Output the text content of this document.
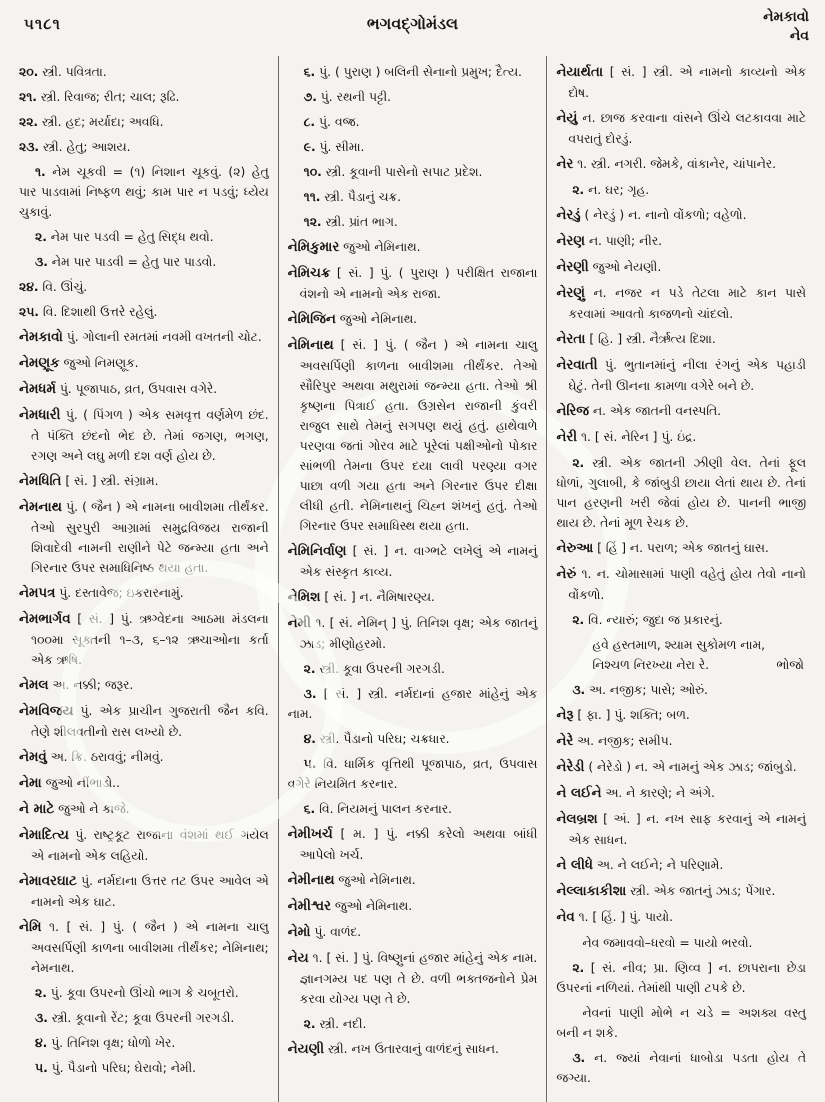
૫૧૮૧	ભગવદ્ગોમંડલ	નેમકાવો
નેવ
૨૦. સ્ત્રી. પવિત્રતા.
૨૧. સ્ત્રી. રિવાજ; રીત; ચાલ; રૂઢિ.
૨૨. સ્ત્રી. હદ; મર્યાદા; અવધિ.
૨૩. સ્ત્રી. હેતુ; આશય.
૧. નેમ ચૂકવી = (૧) નિશાન ચૂકવું. (૨) હેતુ પાર પાડવામાં નિષ્ફળ થવું; કામ પાર ન પડવું; ધ્યેય ચુકાવું.
૨. નેમ પાર પડવી = હેતુ સિદ્ધ થવો.
૩. નેમ પાર પાડવી = હેતુ પાર પાડવો.
૨૪. વિ. ઊંચું.
૨૫. વિ. દિશાથી ઉત્તરે રહેલું.
નેમકાવો પું. ગોલાની રમતમાં નવમી વખતની ચોટ.
નેમણૂક જુઓ નિમણૂક.
નેમધર્મ પું. પૂજાપાઠ, વ્રત, ઉપવાસ વગેરે.
નેમધારી પું. ( પિંગળ ) એક સમવૃત્ત વર્ણમેળ છંદ. તે પંક્તિ છંદનો ભેદ છે. તેમાં જગણ, ભગણ, રગણ અને લઘુ મળી દશ વર્ણ હોય છે.
નેમધિતિ [ સં. ] સ્ત્રી. સંગ્રામ.
નેમનાથ પું. ( જૈન ) એ નામના બાવીશમા તીર્થંકર. તેઓ સુરપુરી આગ્રામાં સમુદ્રવિજય રાજાની શિવાદેવી નામની રાણીને પેટે જન્મ્યા હતા અને ગિરનાર ઉપર સમાધિનિષ્ઠ થયા હતા.
નેમપત્ર પું. દસ્તાવેજ; ઇકરારનામું.
નેમભાર્ગવ [ સં. ] પું. ઋગ્વેદના આઠમા મંડલના ૧૦૦મા સૂક્તની ૧–૩, ૬–૧૨ ઋચાઓના કર્તા એક ઋષિ.
નેમલ અ. નક્કી; જરૂર.
નેમવિજય પું. એક પ્રાચીન ગુજરાતી જૈન કવિ. તેણે શીલવતીનો રાસ લખ્યો છે.
નેમવું અ. ક્રિ. ઠરાવવું; નીમવું.
નેમા જુઓ નીંભાડો..
ને માટે જુઓ ને કાજે.
નેમાદિત્ય પું. રાષ્ટ્રકૂટ રાજાના વંશમાં થઈ ગયેલ એ નામનો એક લહિયો.
નેમાવરઘાટ પું. નર્મદાના ઉત્તર તટ ઉપર આવેલ એ નામનો એક ઘાટ.
નેમિ ૧. [ સં. ] પું. ( જૈન ) એ નામના ચાલુ અવસર્પિણી કાળના બાવીશમા તીર્થંકર; નેમિનાથ; નેમનાથ.
૨. પું. કૂવા ઉપરનો ઊંચો ભાગ કે ચબૂતરો.
૩. સ્ત્રી. કૂવાનો રેંટ; કૂવા ઉપરની ગરગડી.
૪. પું. તિનિશ વૃક્ષ; ધોળો ખેર.
૫. પું. પૈડાનો પરિઘ; ઘેરાવો; નેમી.
૬. પું. ( પુરાણ ) બલિની સેનાનો પ્રમુખ; દૈત્ય.
૭. પું. રથની પટ્ટી.
૮. પું. વજ્ર.
૯. પું. સીમા.
૧૦. સ્ત્રી. કૂવાની પાસેનો સપાટ પ્રદેશ.
૧૧. સ્ત્રી. પૈડાનું ચક્ર.
૧૨. સ્ત્રી. પ્રાંત ભાગ.
નેમિકુમાર જુઓ નેમિનાથ.
નેમિચક્ર [ સં. ] પું. ( પુરાણ ) પરીક્ષિત રાજાના વંશનો એ નામનો એક રાજા.
નેમિજિન જુઓ નેમિનાથ.
નેમિનાથ [ સં. ] પું. ( જૈન ) એ નામના ચાલુ અવસર્પિણી કાળના બાવીશમા તીર્થંકર. તેઓ સૌરિપુર અથવા મથુરામાં જન્મ્યા હતા. તેઓ શ્રી કૃષ્ણના પિત્રાઈ હતા. ઉગ્રસેન રાજાની કુંવરી રાજુલ સાથે તેમનું સગપણ થયું હતું. હાથેવાળે પરણવા જતાં ગોરવ માટે પૂરેલાં પક્ષીઓનો પોકાર સાંભળી તેમના ઉપર દયા લાવી પરણ્યા વગર પાછા વળી ગયા હતા અને ગિરનાર ઉપર દીક્ષા લીધી હતી. નેમિનાથનું ચિહ્ન શંખનું હતું. તેઓ ગિરનાર ઉપર સમાધિસ્થ થયા હતા.
નેમિનિર્વાણ [ સં. ] ન. વાગ્ભટે લખેલું એ નામનું એક સંસ્કૃત કાવ્ય.
નેમિશ [ સં. ] ન. નૈમિષારણ્ય.
નેમી ૧. [ સં. નેમિન્ ] પું. તિનિશ વૃક્ષ; એક જાતનું ઝાડ; મીણોહરમો.
૨. સ્ત્રી. કૂવા ઉપરની ગરગડી.
૩. [ સં. ] સ્ત્રી. નર્મદાનાં હજાર માંહેનું એક નામ.
૪. સ્ત્રી. પૈડાનો પરિઘ; ચક્રધાર.
૫. વિ. ધાર્મિક વૃત્તિથી પૂજાપાઠ, વ્રત, ઉપવાસ વગેરે નિયમિત કરનાર.
૬. વિ. નિયમનું પાલન કરનાર.
નેમીખર્ચ [ મ. ] પું. નક્કી કરેલો અથવા બાંધી આપેલો ખર્ચ.
નેમીનાથ જુઓ નેમિનાથ.
નેમીશ્વર જુઓ નેમિનાથ.
નેમો પું. વાળંદ.
નેય ૧. [ સં. ] પું. વિષ્ણુનાં હજાર માંહેનું એક નામ. જ્ઞાનગમ્ય પદ પણ તે છે. વળી ભક્તજનોને પ્રેમ કરવા યોગ્ય પણ તે છે.
૨. સ્ત્રી. નદી.
નેયણી સ્ત્રી. નખ ઉતારવાનું વાળંદનું સાધન.
નેયાર્થતા [ સં. ] સ્ત્રી. એ નામનો કાવ્યનો એક દોષ.
નેયું ન. છાજ કરવાના વાંસને ઊંચે લટકાવવા માટે વપરાતું દોરડું.
નેર ૧. સ્ત્રી. નગરી. જેમકે, વાંકાનેર, ચાંપાનેર.
૨. ન. ઘર; ગૃહ.
નેરડું ( નેરડું ) ન. નાનો વોંકળો; વહેળો.
નેરણ ન. પાણી; નીર.
નેરણી જુઓ નેયણી.
નેરણું ન. નજર ન પડે તેટલા માટે કાન પાસે કરવામાં આવતો કાજળનો ચાંદલો.
નેરતા [ હિ. ] સ્ત્રી. નૈર્ઋત્ય દિશા.
નેરવાતી પું. ભુતાનમાંનું નીલા રંગનું એક પહાડી ઘેટું. તેની ઊનના કામળા વગેરે બને છે.
નેરિજ ન. એક જાતની વનસ્પતિ.
નેરી ૧. [ સં. નેરિન ] પું. ઇંદ્ર.
૨. સ્ત્રી. એક જાતની ઝીણી વેલ. તેનાં ફૂલ ધોળાં, ગુલાબી, કે જાંબુડી છાયા લેતાં થાય છે. તેનાં પાન હરણની ખરી જેવાં હોય છે. પાનની ભાજી થાય છે. તેનાં મૂળ રેચક છે.
નેરુઆ [ હિં ] ન. પરાળ; એક જાતનું ઘાસ.
નેરું ૧. ન. ચોમાસામાં પાણી વહેતું હોય તેવો નાનો વોંકળો.
૨. વિ. ન્યારું; જુદા જ પ્રકારનું.
હવે હસ્તમાળ, શ્યામ સુકોમળ નામ,
નિશ્ચળ નિરખ્યા નેરા રે.	ભોજો
૩. અ. નજીક; પાસે; ઓરું.
નેરૂ [ ફા. ] પું. શક્તિ; બળ.
નેરે અ. નજીક; સમીપ.
નેરેડી ( નેરેડો ) ન. એ નામનું એક ઝાડ; જાંબુડો.
ને લઈને અ. ને કારણે; ને અંગે.
નેલબ્રશ [ અં. ] ન. નખ સાફ કરવાનું એ નામનું એક સાધન.
ને લીધે અ. ને લઈને; ને પરિણામે.
નેલ્લાકાકીશા સ્ત્રી. એક જાતનું ઝાડ; પેંગાર.
નેવ ૧. [ હિં. ] પું. પાયો.
નેવ જમાવવો–ધરવો = પાયો ભરવો.
૨. [ સં. નીવ; પ્રા. ણિવ્વ ] ન. છાપરાના છેડા ઉપરનાં નળિયાં. તેમાંથી પાણી ટપકે છે.
નેવનાં પાણી મોભે ન ચડે = અશક્ય વસ્તુ બની ન શકે.
૩. ન. જ્યાં નેવાનાં ધાબોડા પડતા હોય તે જગ્યા.
